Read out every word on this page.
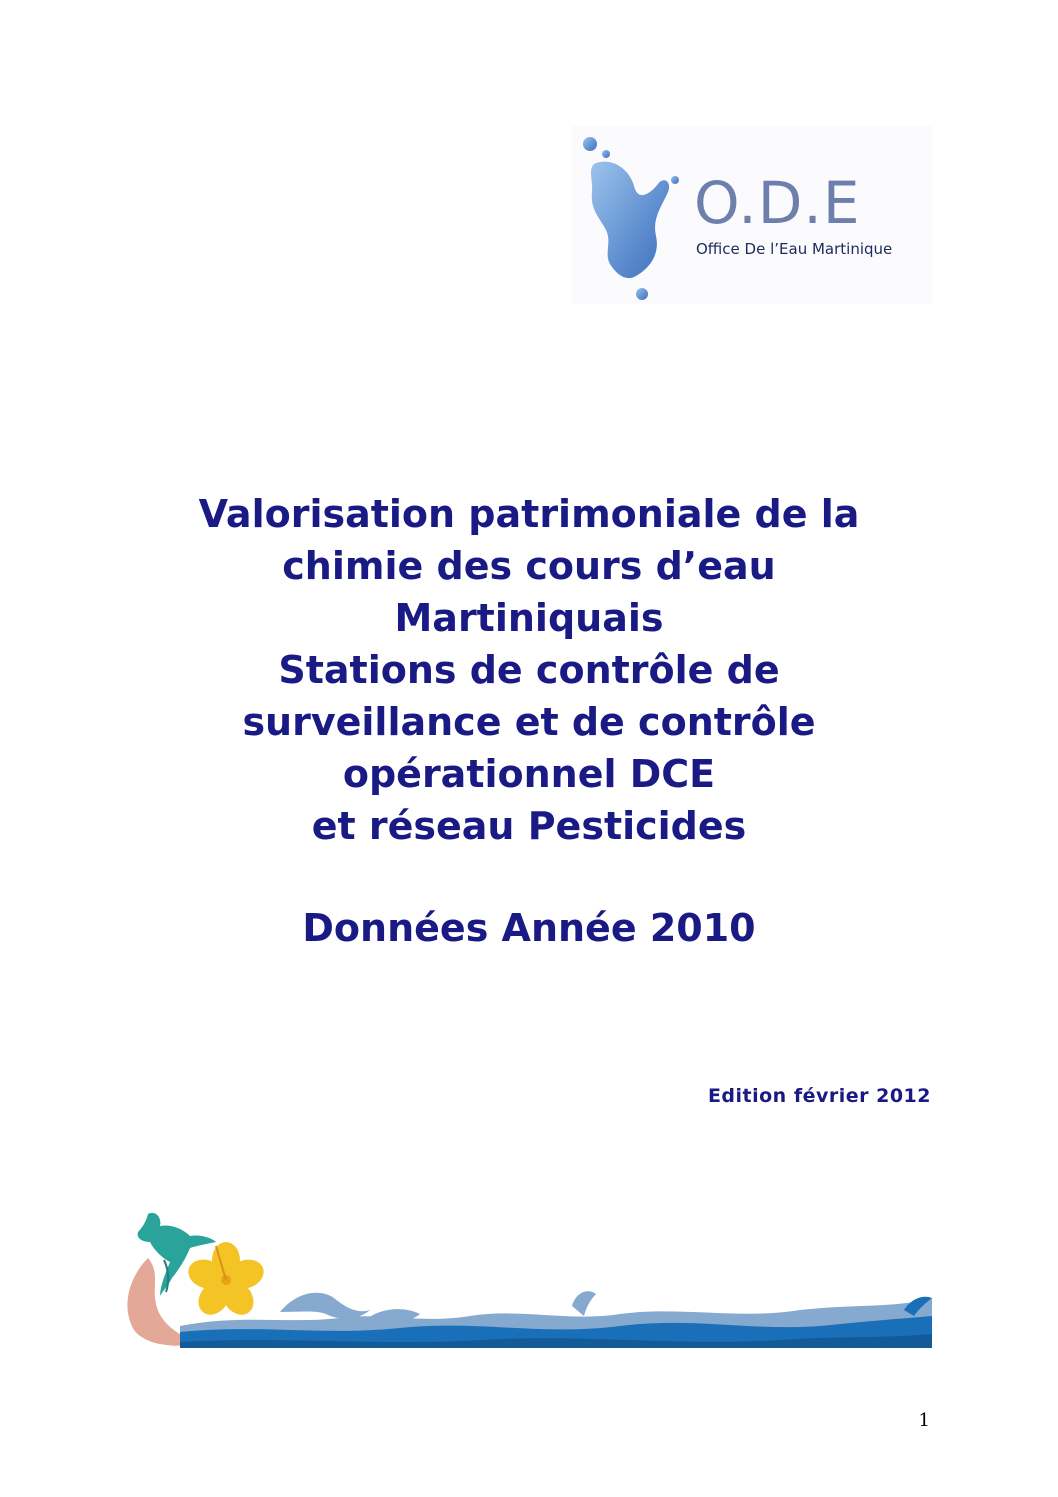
O.D.E
Office De l’Eau Martinique
Valorisation patrimoniale de la
chimie des cours d’eau
Martiniquais
Stations de contrôle de
surveillance et de contrôle
opérationnel DCE
et réseau Pesticides
Données Année 2010
Edition février 2012
1
